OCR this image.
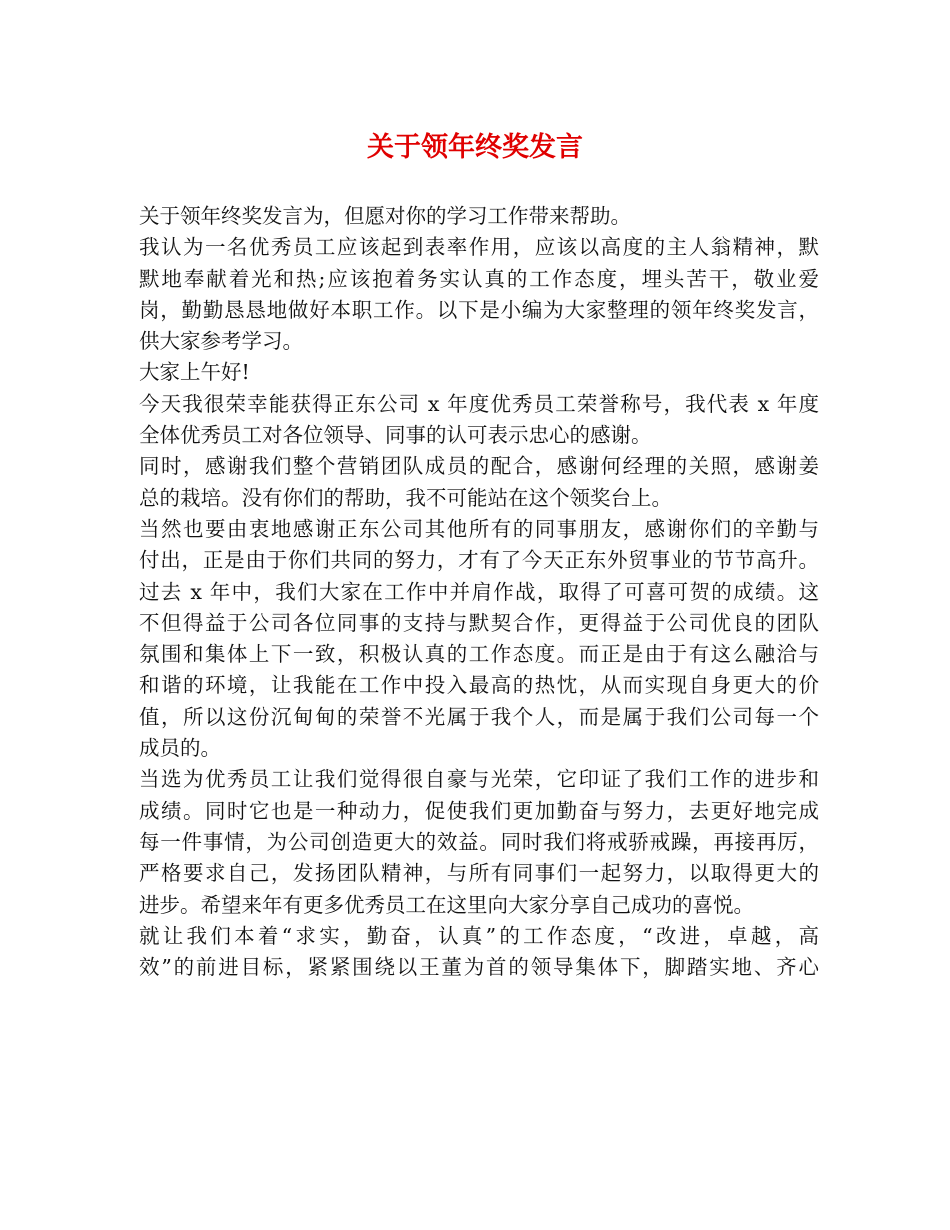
关于领年终奖发言
关于领年终奖发言为，但愿对你的学习工作带来帮助。
我认为一名优秀员工应该起到表率作用，应该以高度的主人翁精神，默
默地奉献着光和热;应该抱着务实认真的工作态度，埋头苦干，敬业爱
岗，勤勤恳恳地做好本职工作。以下是小编为大家整理的领年终奖发言，
供大家参考学习。
大家上午好!
今天我很荣幸能获得正东公司 x 年度优秀员工荣誉称号，我代表 x 年度
全体优秀员工对各位领导、同事的认可表示忠心的感谢。
同时，感谢我们整个营销团队成员的配合，感谢何经理的关照，感谢姜
总的栽培。没有你们的帮助，我不可能站在这个领奖台上。
当然也要由衷地感谢正东公司其他所有的同事朋友，感谢你们的辛勤与
付出，正是由于你们共同的努力，才有了今天正东外贸事业的节节高升。
过去 x 年中，我们大家在工作中并肩作战，取得了可喜可贺的成绩。这
不但得益于公司各位同事的支持与默契合作，更得益于公司优良的团队
氛围和集体上下一致，积极认真的工作态度。而正是由于有这么融洽与
和谐的环境，让我能在工作中投入最高的热忱，从而实现自身更大的价
值，所以这份沉甸甸的荣誉不光属于我个人，而是属于我们公司每一个
成员的。
当选为优秀员工让我们觉得很自豪与光荣，它印证了我们工作的进步和
成绩。同时它也是一种动力，促使我们更加勤奋与努力，去更好地完成
每一件事情，为公司创造更大的效益。同时我们将戒骄戒躁，再接再厉，
严格要求自己，发扬团队精神，与所有同事们一起努力，以取得更大的
进步。希望来年有更多优秀员工在这里向大家分享自己成功的喜悦。
就让我们本着“求实，勤奋，认真”的工作态度，“改进，卓越，高
效”的前进目标，紧紧围绕以王董为首的领导集体下，脚踏实地、齐心
